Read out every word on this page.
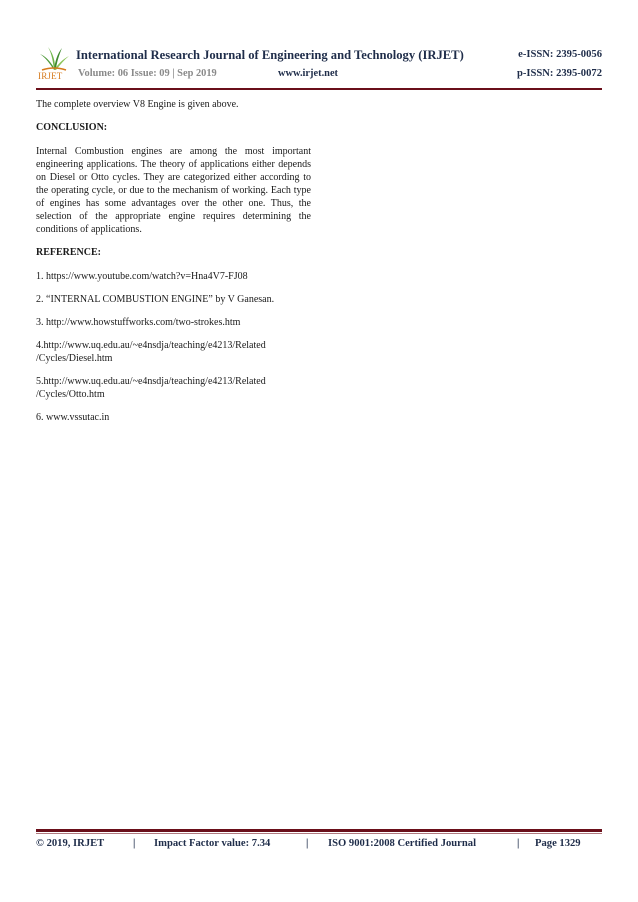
IRJET
International Research Journal of Engineering and Technology (IRJET)	e-ISSN: 2395-0056
Volume: 06 Issue: 09 | Sep 2019	www.irjet.net	p-ISSN: 2395-0072

The complete overview V8 Engine is given above.

CONCLUSION:

Internal Combustion engines are among the most important engineering applications. The theory of applications either depends on Diesel or Otto cycles. They are categorized either according to the operating cycle, or due to the mechanism of working. Each type of engines has some advantages over the other one. Thus, the selection of the appropriate engine requires determining the conditions of applications.

REFERENCE:

1. https://www.youtube.com/watch?v=Hna4V7-FJ08

2. “INTERNAL COMBUSTION ENGINE” by V Ganesan.

3. http://www.howstuffworks.com/two-strokes.htm

4.http://www.uq.edu.au/~e4nsdja/teaching/e4213/Related
/Cycles/Diesel.htm

5.http://www.uq.edu.au/~e4nsdja/teaching/e4213/Related
/Cycles/Otto.htm

6. www.vssutac.in

© 2019, IRJET	| Impact Factor value: 7.34	| ISO 9001:2008 Certified Journal	| Page 1329
